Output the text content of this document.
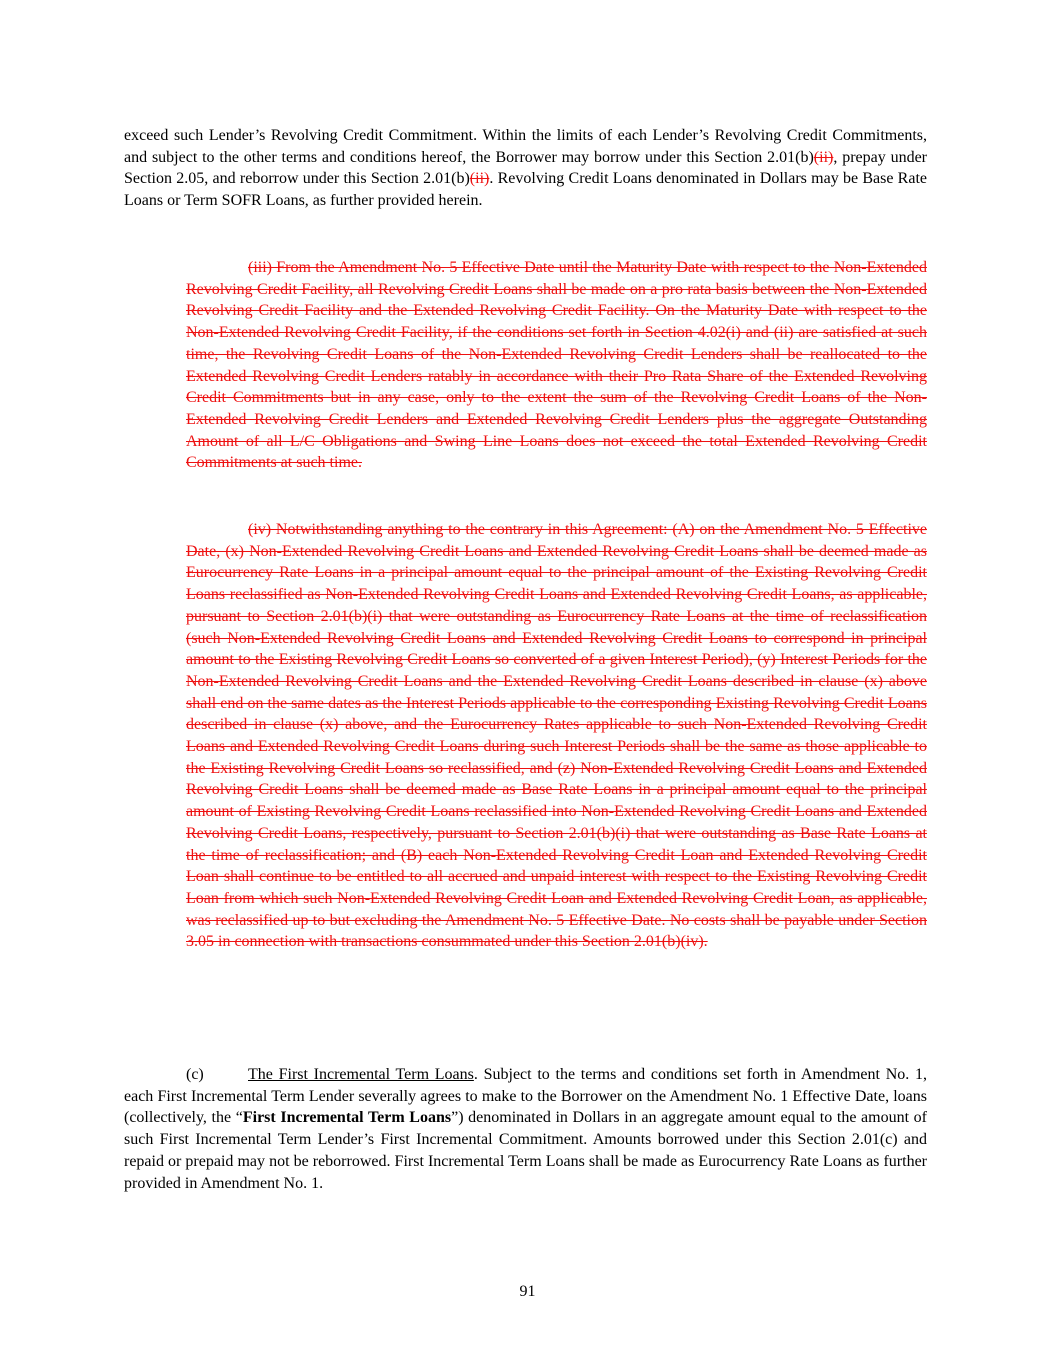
exceed such Lender’s Revolving Credit Commitment. Within the limits of each Lender’s Revolving Credit Commitments, and subject to the other terms and conditions hereof, the Borrower may borrow under this Section 2.01(b)(ii), prepay under Section 2.05, and reborrow under this Section 2.01(b)(ii). Revolving Credit Loans denominated in Dollars may be Base Rate Loans or Term SOFR Loans, as further provided herein.

(iii) From the Amendment No. 5 Effective Date until the Maturity Date with respect to the Non-Extended Revolving Credit Facility, all Revolving Credit Loans shall be made on a pro rata basis between the Non-Extended Revolving Credit Facility and the Extended Revolving Credit Facility. On the Maturity Date with respect to the Non-Extended Revolving Credit Facility, if the conditions set forth in Section 4.02(i) and (ii) are satisfied at such time, the Revolving Credit Loans of the Non-Extended Revolving Credit Lenders shall be reallocated to the Extended Revolving Credit Lenders ratably in accordance with their Pro Rata Share of the Extended Revolving Credit Commitments but in any case, only to the extent the sum of the Revolving Credit Loans of the Non-Extended Revolving Credit Lenders and Extended Revolving Credit Lenders plus the aggregate Outstanding Amount of all L/C Obligations and Swing Line Loans does not exceed the total Extended Revolving Credit Commitments at such time.

(iv) Notwithstanding anything to the contrary in this Agreement: (A) on the Amendment No. 5 Effective Date, (x) Non-Extended Revolving Credit Loans and Extended Revolving Credit Loans shall be deemed made as Eurocurrency Rate Loans in a principal amount equal to the principal amount of the Existing Revolving Credit Loans reclassified as Non-Extended Revolving Credit Loans and Extended Revolving Credit Loans, as applicable, pursuant to Section 2.01(b)(i) that were outstanding as Eurocurrency Rate Loans at the time of reclassification (such Non-Extended Revolving Credit Loans and Extended Revolving Credit Loans to correspond in principal amount to the Existing Revolving Credit Loans so converted of a given Interest Period), (y) Interest Periods for the Non-Extended Revolving Credit Loans and the Extended Revolving Credit Loans described in clause (x) above shall end on the same dates as the Interest Periods applicable to the corresponding Existing Revolving Credit Loans described in clause (x) above, and the Eurocurrency Rates applicable to such Non-Extended Revolving Credit Loans and Extended Revolving Credit Loans during such Interest Periods shall be the same as those applicable to the Existing Revolving Credit Loans so reclassified, and (z) Non-Extended Revolving Credit Loans and Extended Revolving Credit Loans shall be deemed made as Base Rate Loans in a principal amount equal to the principal amount of Existing Revolving Credit Loans reclassified into Non-Extended Revolving Credit Loans and Extended Revolving Credit Loans, respectively, pursuant to Section 2.01(b)(i) that were outstanding as Base Rate Loans at the time of reclassification; and (B) each Non-Extended Revolving Credit Loan and Extended Revolving Credit Loan shall continue to be entitled to all accrued and unpaid interest with respect to the Existing Revolving Credit Loan from which such Non-Extended Revolving Credit Loan and Extended Revolving Credit Loan, as applicable, was reclassified up to but excluding the Amendment No. 5 Effective Date. No costs shall be payable under Section 3.05 in connection with transactions consummated under this Section 2.01(b)(iv).

(c)	The First Incremental Term Loans. Subject to the terms and conditions set forth in Amendment No. 1, each First Incremental Term Lender severally agrees to make to the Borrower on the Amendment No. 1 Effective Date, loans (collectively, the “First Incremental Term Loans”) denominated in Dollars in an aggregate amount equal to the amount of such First Incremental Term Lender’s First Incremental Commitment. Amounts borrowed under this Section 2.01(c) and repaid or prepaid may not be reborrowed. First Incremental Term Loans shall be made as Eurocurrency Rate Loans as further provided in Amendment No. 1.

91
